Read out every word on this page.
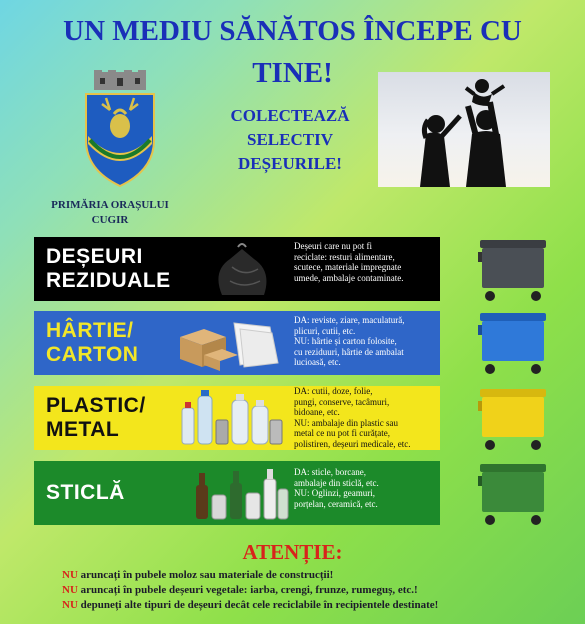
UN MEDIU SĂNĂTOS ÎNCEPE CU
TINE!
COLECTEAZĂ
SELECTIV
DEȘEURILE!
PRIMĂRIA ORAȘULUI
CUGIR
DEȘEURI
REZIDUALE
Deșeuri care nu pot fi
reciclate: resturi alimentare,
scutece, materiale impregnate
umede, ambalaje contaminate.
HÂRTIE/
CARTON
DA: reviste, ziare, maculatură,
plicuri, cutii, etc.
NU: hârtie și carton folosite,
cu reziduuri, hârtie de ambalat
lucioasă, etc.
PLASTIC/
METAL
DA: cutii, doze, folie,
pungi, conserve, tacâmuri,
bidoane, etc.
NU: ambalaje din plastic sau
metal ce nu pot fi curățate,
polistiren, deșeuri medicale, etc.
STICLĂ
DA: sticle, borcane,
ambalaje din sticlă, etc.
NU: Oglinzi, geamuri,
porțelan, ceramică, etc.
ATENȚIE:
NU aruncați în pubele moloz sau materiale de construcții!
NU aruncați în pubele deșeuri vegetale: iarba, crengi, frunze, rumeguș, etc.!
NU depuneți alte tipuri de deșeuri decât cele reciclabile în recipientele destinate!
